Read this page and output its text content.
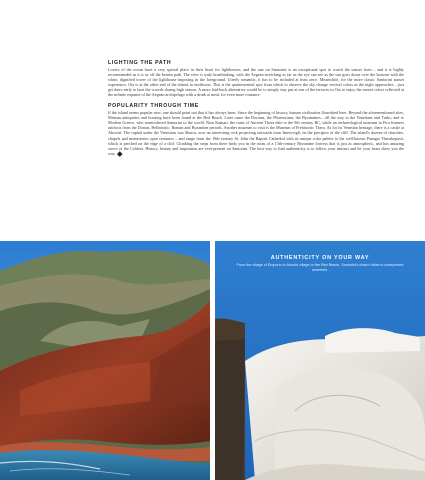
LIGHTING THE PATH

Lovers of the ocean have a very special place in their heart for lighthouses, and the one on Santorini is an exceptional spot to watch the sunset from – and it is highly recommended as it is as off the beaten path. The view is truly breathtaking, with the Aegean stretching as far as the eye can see as the sun goes down over the horizon with the white, dignified tower of the lighthouse imposing in the foreground. Utterly romantic, it has to be included at least once. Meanwhile, for the more classic Santorini sunset experience, Oia is at the other end of the island, to northwest. This is the quintessential spot from which to observe the sky change vertical colors as the night approaches – just get there early to beat the crowds during high season. A more laid-back alternative would be to simply stay put at one of the terraces in Oia to enjoy the sunset colors reflected at the infinite expanse of the Aegean archipelago with a drink at meal, for even more romance.

POPULARITY THROUGH TIME

If the island seems popular now, one should point out that it has always been. Since the beginning of history, human civilization flourished here. Beyond the aforementioned sites, Minoan antiquities and housing have been found at the Red Beach. Later came the Dorians, the Phoenicians, the Byzantines... all the way to the Venetians and Turks, and to Modern Greece, who reintroduced Santorini to the world. Near Kamari, the ruins of Ancient Thera date to the 9th century BC, while an archaeological museum in Fira features artifacts from the Dorian, Hellenistic, Roman and Byzantine periods. Another museum to visit is the Museum of Prehistoric Thera. As for its Venetian heritage, there is a castle at Akrotiri. The capital under the Venetians was Skaros, now an interesting rock projecting outwards from Imerovigli, on the precipice of the cliff. The island's dozens of churches, chapels and monasteries span centuries – and range from the 19th-century St. John the Baptist Cathedral with its unique color palette to the well-known Panagia Theoskepasti, which is perched on the edge of a cliff. Climbing the steps from there finds you in the ruins of a 13th-century Byzantine fortress that is just as atmospheric, and has amazing views of the Caldera. History, beauty and inspiration are ever-present on Santorini. The best way to find authenticity is to follow your instinct and let your heart show you the way.

AUTHENTICITY ON YOUR WAY
From the village of Emporio to Akrotiri village or the Red Beach, Santorini's charm hides in unexpected moments.
